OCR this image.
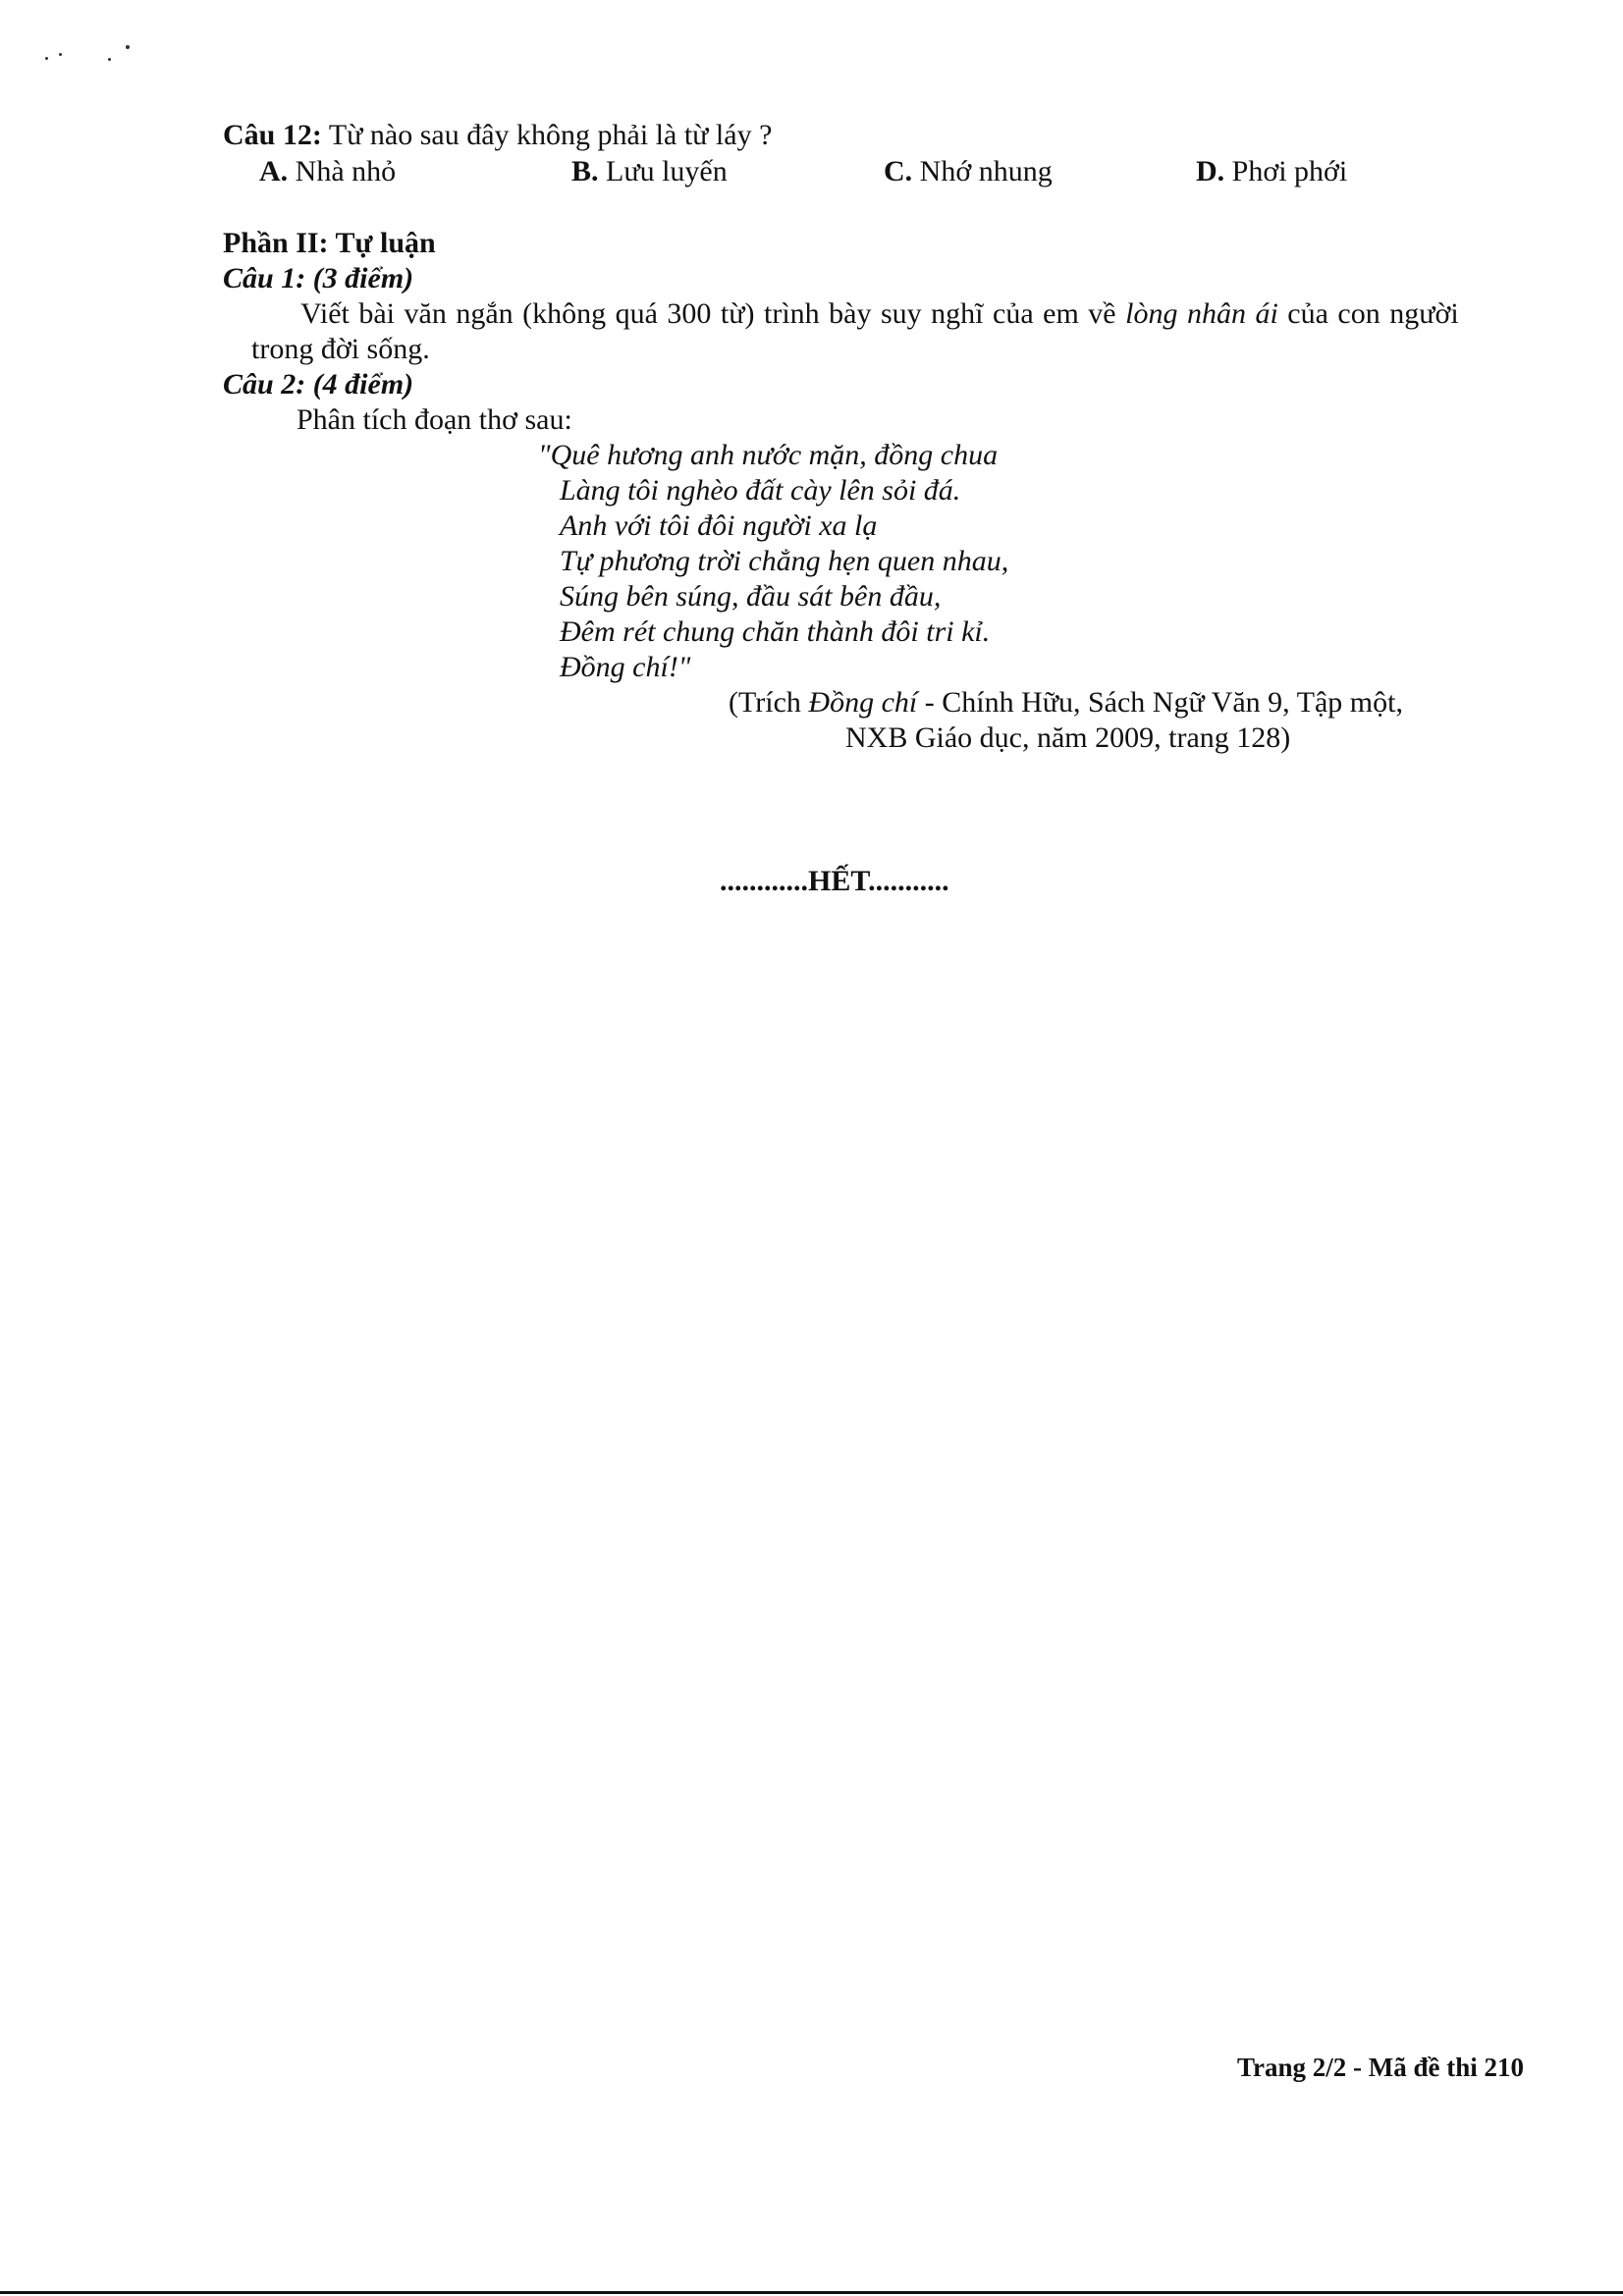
Câu 12: Từ nào sau đây không phải là từ láy ?
A. Nhà nhỏ	B. Lưu luyến	C. Nhớ nhung	D. Phơi phới
Phần II: Tự luận
Câu 1: (3 điểm)
Viết bài văn ngắn (không quá 300 từ) trình bày suy nghĩ của em về lòng nhân ái của con người
trong đời sống.
Câu 2: (4 điểm)
Phân tích đoạn thơ sau:
"Quê hương anh nước mặn, đồng chua
Làng tôi nghèo đất cày lên sỏi đá.
Anh với tôi đôi người xa lạ
Tự phương trời chẳng hẹn quen nhau,
Súng bên súng, đầu sát bên đầu,
Đêm rét chung chăn thành đôi tri kỉ.
Đồng chí!"
(Trích Đồng chí - Chính Hữu, Sách Ngữ Văn 9, Tập một,
NXB Giáo dục, năm 2009, trang 128)
............HẾT...........
Trang 2/2 - Mã đề thi 210
